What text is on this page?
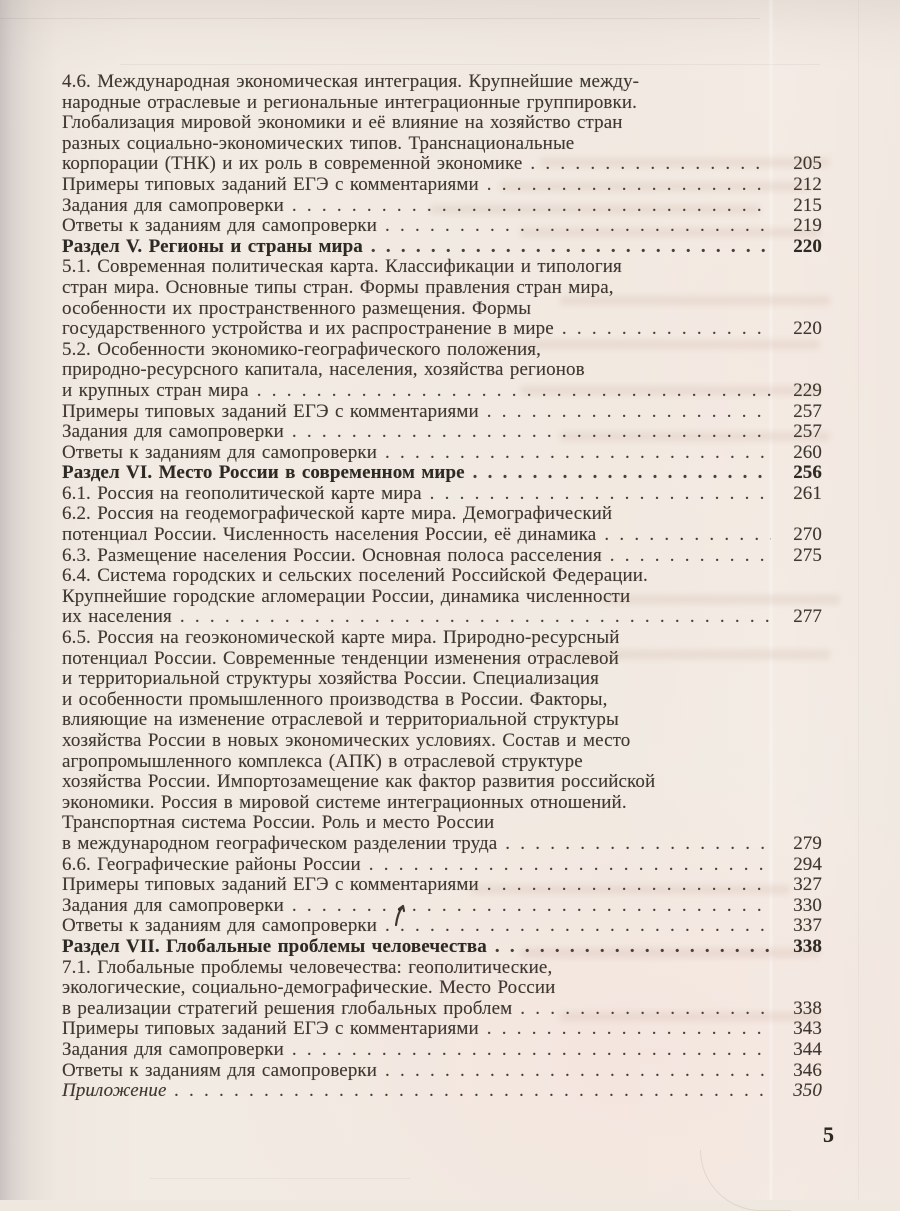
4.6. Международная экономическая интеграция. Крупнейшие между-
народные отраслевые и региональные интеграционные группировки.
Глобализация мировой экономики и её влияние на хозяйство стран
разных социально-экономических типов. Транснациональные
корпорации (ТНК) и их роль в современной экономике . . .	205
Примеры типовых заданий ЕГЭ с комментариями . . .	212
Задания для самопроверки . . .	215
Ответы к заданиям для самопроверки . . .	219
Раздел V. Регионы и страны мира . . .	220
5.1. Современная политическая карта. Классификации и типология
стран мира. Основные типы стран. Формы правления стран мира,
особенности их пространственного размещения. Формы
государственного устройства и их распространение в мире . . .	220
5.2. Особенности экономико-географического положения,
природно-ресурсного капитала, населения, хозяйства регионов
и крупных стран мира . . .	229
Примеры типовых заданий ЕГЭ с комментариями . . .	257
Задания для самопроверки . . .	257
Ответы к заданиям для самопроверки . . .	260
Раздел VI. Место России в современном мире . . .	256
6.1. Россия на геополитической карте мира . . .	261
6.2. Россия на геодемографической карте мира. Демографический
потенциал России. Численность населения России, её динамика . . .	270
6.3. Размещение населения России. Основная полоса расселения . . .	275
6.4. Система городских и сельских поселений Российской Федерации.
Крупнейшие городские агломерации России, динамика численности
их населения . . .	277
6.5. Россия на геоэкономической карте мира. Природно-ресурсный
потенциал России. Современные тенденции изменения отраслевой
и территориальной структуры хозяйства России. Специализация
и особенности промышленного производства в России. Факторы,
влияющие на изменение отраслевой и территориальной структуры
хозяйства России в новых экономических условиях. Состав и место
агропромышленного комплекса (АПК) в отраслевой структуре
хозяйства России. Импортозамещение как фактор развития российской
экономики. Россия в мировой системе интеграционных отношений.
Транспортная система России. Роль и место России
в международном географическом разделении труда . . .	279
6.6. Географические районы России . . .	294
Примеры типовых заданий ЕГЭ с комментариями . . .	327
Задания для самопроверки . . .	330
Ответы к заданиям для самопроверки . . .	337
Раздел VII. Глобальные проблемы человечества . . .	338
7.1. Глобальные проблемы человечества: геополитические,
экологические, социально-демографические. Место России
в реализации стратегий решения глобальных проблем . . .	338
Примеры типовых заданий ЕГЭ с комментариями . . .	343
Задания для самопроверки . . .	344
Ответы к заданиям для самопроверки . . .	346
Приложение . . .	350
5
